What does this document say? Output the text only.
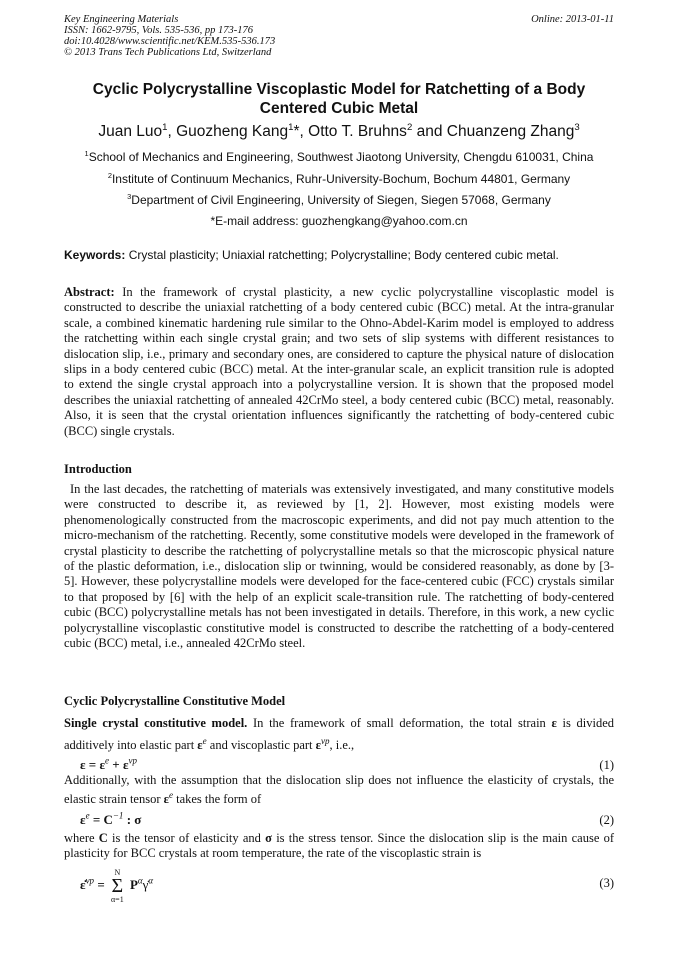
Key Engineering Materials
ISSN: 1662-9795, Vols. 535-536, pp 173-176
doi:10.4028/www.scientific.net/KEM.535-536.173
© 2013 Trans Tech Publications Ltd, Switzerland
Online: 2013-01-11
Cyclic Polycrystalline Viscoplastic Model for Ratchetting of a Body
Centered Cubic Metal
Juan Luo$^1$, Guozheng Kang$^1$*, Otto T. Bruhns$^2$ and Chuanzeng Zhang$^3$
$^1$School of Mechanics and Engineering, Southwest Jiaotong University, Chengdu 610031, China
$^2$Institute of Continuum Mechanics, Ruhr-University-Bochum, Bochum 44801, Germany
$^3$Department of Civil Engineering, University of Siegen, Siegen 57068, Germany
*E-mail address: guozhengkang@yahoo.com.cn
Keywords: Crystal plasticity; Uniaxial ratchetting; Polycrystalline; Body centered cubic metal.
Abstract: In the framework of crystal plasticity, a new cyclic polycrystalline viscoplastic model is constructed to describe the uniaxial ratchetting of a body centered cubic (BCC) metal. At the intra-granular scale, a combined kinematic hardening rule similar to the Ohno-Abdel-Karim model is employed to address the ratchetting within each single crystal grain; and two sets of slip systems with different resistances to dislocation slip, i.e., primary and secondary ones, are considered to capture the physical nature of dislocation slips in a body centered cubic (BCC) metal. At the inter-granular scale, an explicit transition rule is adopted to extend the single crystal approach into a polycrystalline version. It is shown that the proposed model describes the uniaxial ratchetting of annealed 42CrMo steel, a body centered cubic (BCC) metal, reasonably. Also, it is seen that the crystal orientation influences significantly the ratchetting of body-centered cubic (BCC) single crystals.
Introduction
In the last decades, the ratchetting of materials was extensively investigated, and many constitutive models were constructed to describe it, as reviewed by [1, 2]. However, most existing models were phenomenologically constructed from the macroscopic experiments, and did not pay much attention to the micro-mechanism of the ratchetting. Recently, some constitutive models were developed in the framework of crystal plasticity to describe the ratchetting of polycrystalline metals so that the microscopic physical nature of the plastic deformation, i.e., dislocation slip or twinning, would be considered reasonably, as done by [3-5]. However, these polycrystalline models were developed for the face-centered cubic (FCC) crystals similar to that proposed by [6] with the help of an explicit scale-transition rule. The ratchetting of body-centered cubic (BCC) polycrystalline metals has not been investigated in details. Therefore, in this work, a new cyclic polycrystalline viscoplastic constitutive model is constructed to describe the ratchetting of a body-centered cubic (BCC) metal, i.e., annealed 42CrMo steel.
Cyclic Polycrystalline Constitutive Model
Single crystal constitutive model. In the framework of small deformation, the total strain ε is divided additively into elastic part $\varepsilon^e$ and viscoplastic part $\varepsilon^{vp}$, i.e.,
$\varepsilon = \varepsilon^e + \varepsilon^{vp}$	(1)
Additionally, with the assumption that the dislocation slip does not influence the elasticity of crystals, the elastic strain tensor $\varepsilon^e$ takes the form of
$\varepsilon^e = C^{-1}$ : σ	(2)
where C is the tensor of elasticity and σ is the stress tensor. Since the dislocation slip is the main cause of plasticity for BCC crystals at room temperature, the rate of the viscoplastic strain is
ε̇$^{vp}$ =
N
Σ
α=1
$P^\alpha\gammȧ^\alpha$	(3)
